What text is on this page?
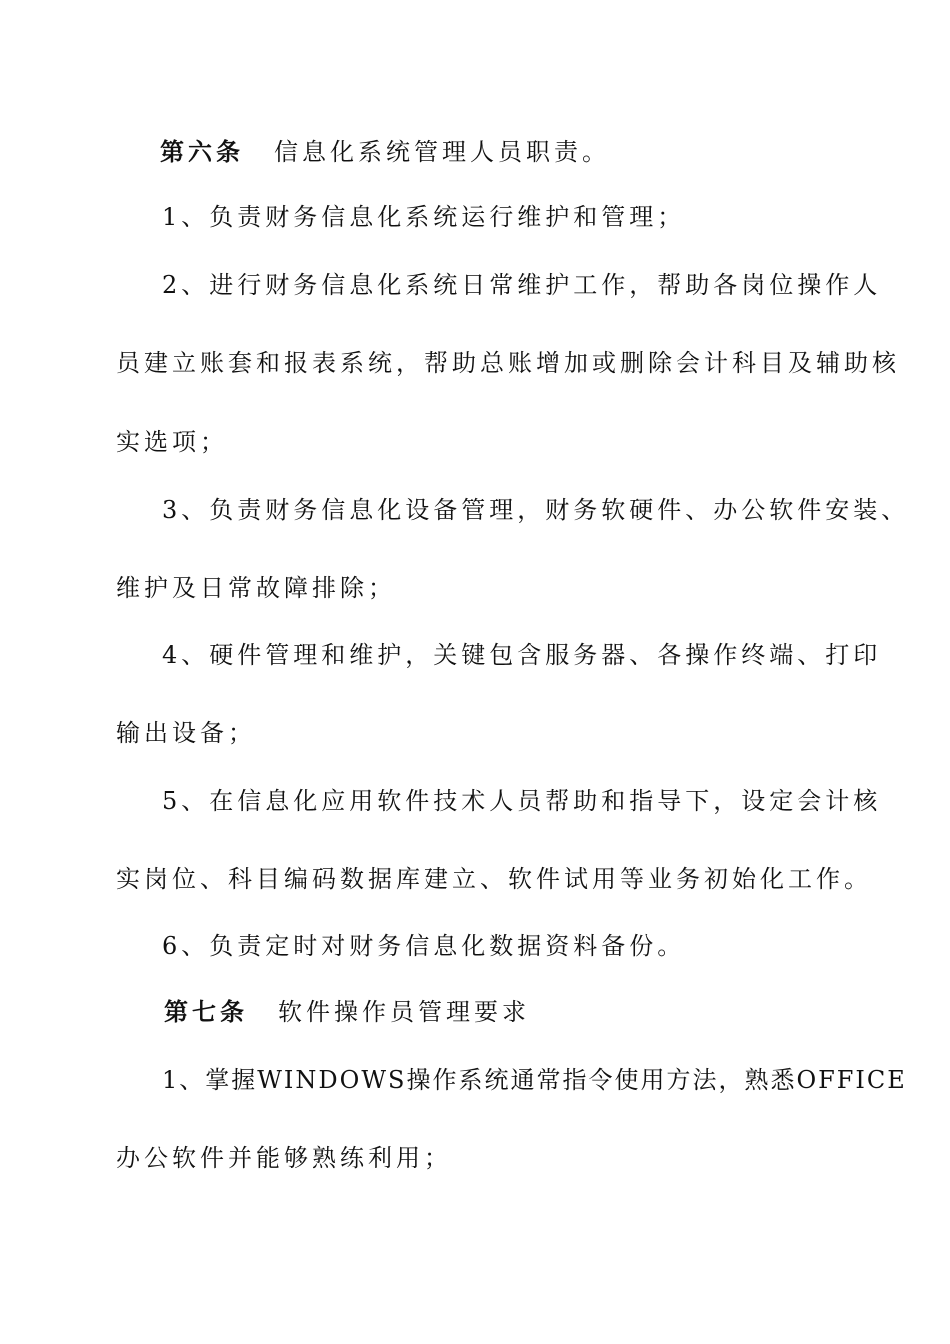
第六条 信息化系统管理人员职责。
1、负责财务信息化系统运行维护和管理；
2、进行财务信息化系统日常维护工作，帮助各岗位操作人
员建立账套和报表系统，帮助总账增加或删除会计科目及辅助核
实选项；
3、负责财务信息化设备管理，财务软硬件、办公软件安装、
维护及日常故障排除；
4、硬件管理和维护，关键包含服务器、各操作终端、打印
输出设备；
5、在信息化应用软件技术人员帮助和指导下，设定会计核
实岗位、科目编码数据库建立、软件试用等业务初始化工作。
6、负责定时对财务信息化数据资料备份。
第七条 软件操作员管理要求
1、掌握WINDOWS操作系统通常指令使用方法，熟悉OFFICE
办公软件并能够熟练利用；
